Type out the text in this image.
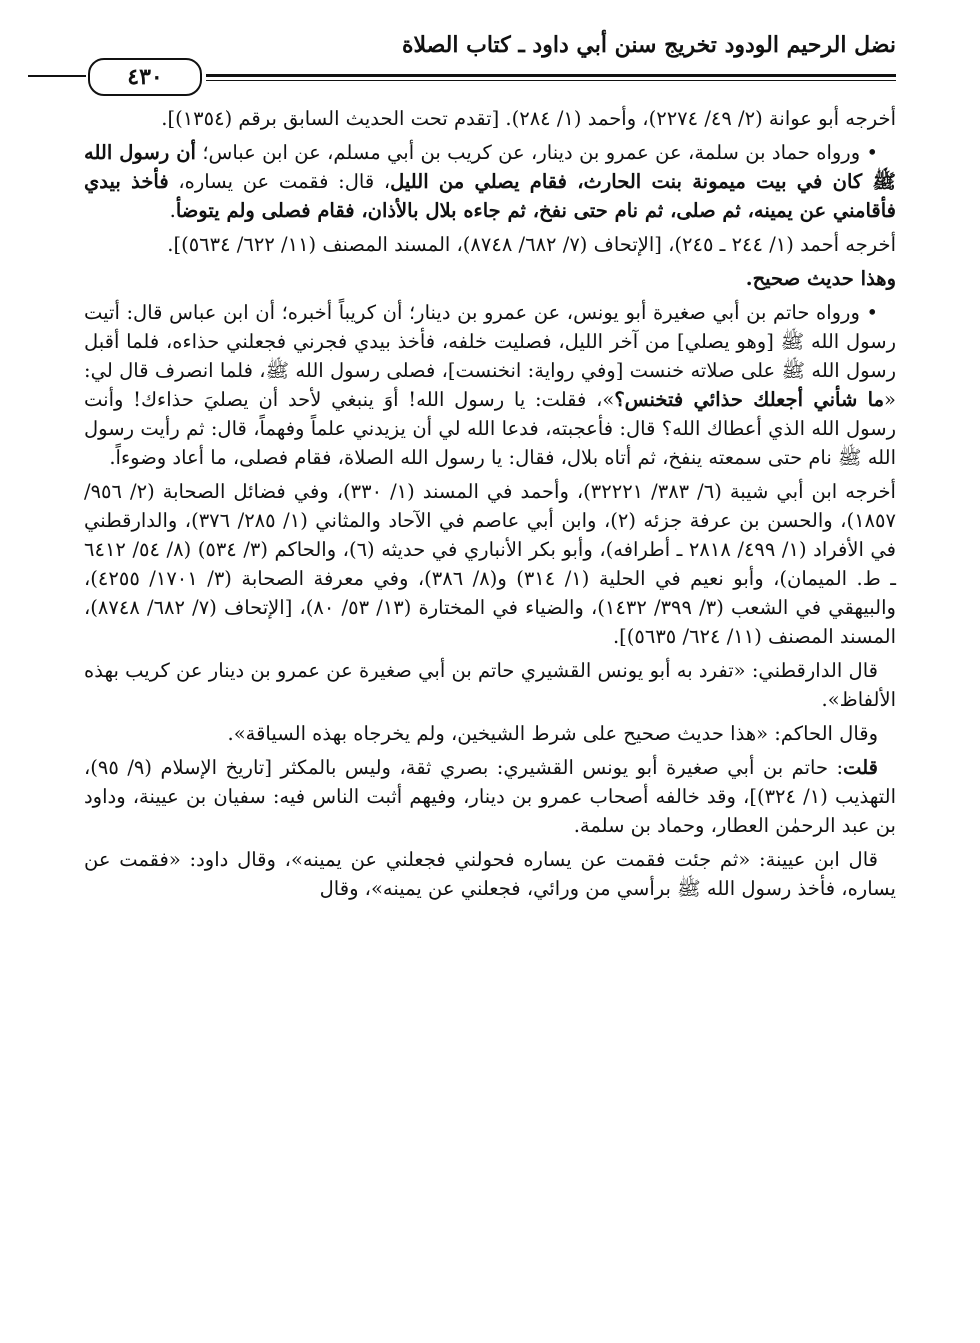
نضل الرحيم الودود تخريج سنن أبي داود ـ كتاب الصلاة
٤٣٠

أخرجه أبو عوانة (٢/ ٤٩/ ٢٢٧٤)، وأحمد (١/ ٢٨٤). [تقدم تحت الحديث السابق برقم (١٣٥٤)].

• ورواه حماد بن سلمة، عن عمرو بن دينار، عن كريب بن أبي مسلم، عن ابن عباس؛ أن رسول الله ﷺ كان في بيت ميمونة بنت الحارث، فقام يصلي من الليل، قال: فقمت عن يساره، فأخذ بيدي فأقامني عن يمينه، ثم صلى، ثم نام حتى نفخ، ثم جاءه بلال بالأذان، فقام فصلى ولم يتوضأ.

أخرجه أحمد (١/ ٢٤٤ ـ ٢٤٥)، [الإتحاف (٧/ ٦٨٢/ ٨٧٤٨)، المسند المصنف (١١/ ٦٢٢/ ٥٦٣٤)].

وهذا حديث صحيح.

• ورواه حاتم بن أبي صغيرة أبو يونس، عن عمرو بن دينار؛ أن كريباً أخبره؛ أن ابن عباس قال: أتيت رسول الله ﷺ [وهو يصلي] من آخر الليل، فصليت خلفه، فأخذ بيدي فجرني فجعلني حذاءه، فلما أقبل رسول الله ﷺ على صلاته خنست [وفي رواية: انخنست]، فصلى رسول الله ﷺ، فلما انصرف قال لي: «ما شأني أجعلك حذائي فتخنس؟»، فقلت: يا رسول الله! أوَ ينبغي لأحد أن يصليَ حذاءك! وأنت رسول الله الذي أعطاك الله؟ قال: فأعجبته، فدعا الله لي أن يزيدني علماً وفهماً، قال: ثم رأيت رسول الله ﷺ نام حتى سمعته ينفخ، ثم أتاه بلال، فقال: يا رسول الله الصلاة، فقام فصلى، ما أعاد وضوءاً.

أخرجه ابن أبي شيبة (٦/ ٣٨٣/ ٣٢٢٢١)، وأحمد في المسند (١/ ٣٣٠)، وفي فضائل الصحابة (٢/ ٩٥٦/ ١٨٥٧)، والحسن بن عرفة جزئه (٢)، وابن أبي عاصم في الآحاد والمثاني (١/ ٢٨٥/ ٣٧٦)، والدارقطني في الأفراد (١/ ٤٩٩/ ٢٨١٨ ـ أطرافه)، وأبو بكر الأنباري في حديثه (٦)، والحاكم (٣/ ٥٣٤) (٨/ ٥٤/ ٦٤١٢ ـ ط. الميمان)، وأبو نعيم في الحلية (١/ ٣١٤) و(٨/ ٣٨٦)، وفي معرفة الصحابة (٣/ ١٧٠١/ ٤٢٥٥)، والبيهقي في الشعب (٣/ ٣٩٩/ ١٤٣٢)، والضياء في المختارة (١٣/ ٥٣/ ٨٠)، [الإتحاف (٧/ ٦٨٢/ ٨٧٤٨)، المسند المصنف (١١/ ٦٢٤/ ٥٦٣٥)].

قال الدارقطني: «تفرد به أبو يونس القشيري حاتم بن أبي صغيرة عن عمرو بن دينار عن كريب بهذه الألفاظ».

وقال الحاكم: «هذا حديث صحيح على شرط الشيخين، ولم يخرجاه بهذه السياقة».

قلت: حاتم بن أبي صغيرة أبو يونس القشيري: بصري ثقة، وليس بالمكثر [تاريخ الإسلام (٩/ ٩٥)، التهذيب (١/ ٣٢٤)]، وقد خالفه أصحاب عمرو بن دينار، وفيهم أثبت الناس فيه: سفيان بن عيينة، وداود بن عبد الرحمٰن العطار، وحماد بن سلمة.

قال ابن عيينة: «ثم جئت فقمت عن يساره فحولني فجعلني عن يمينه»، وقال داود: «فقمت عن يساره، فأخذ رسول الله ﷺ برأسي من ورائي، فجعلني عن يمينه»، وقال
